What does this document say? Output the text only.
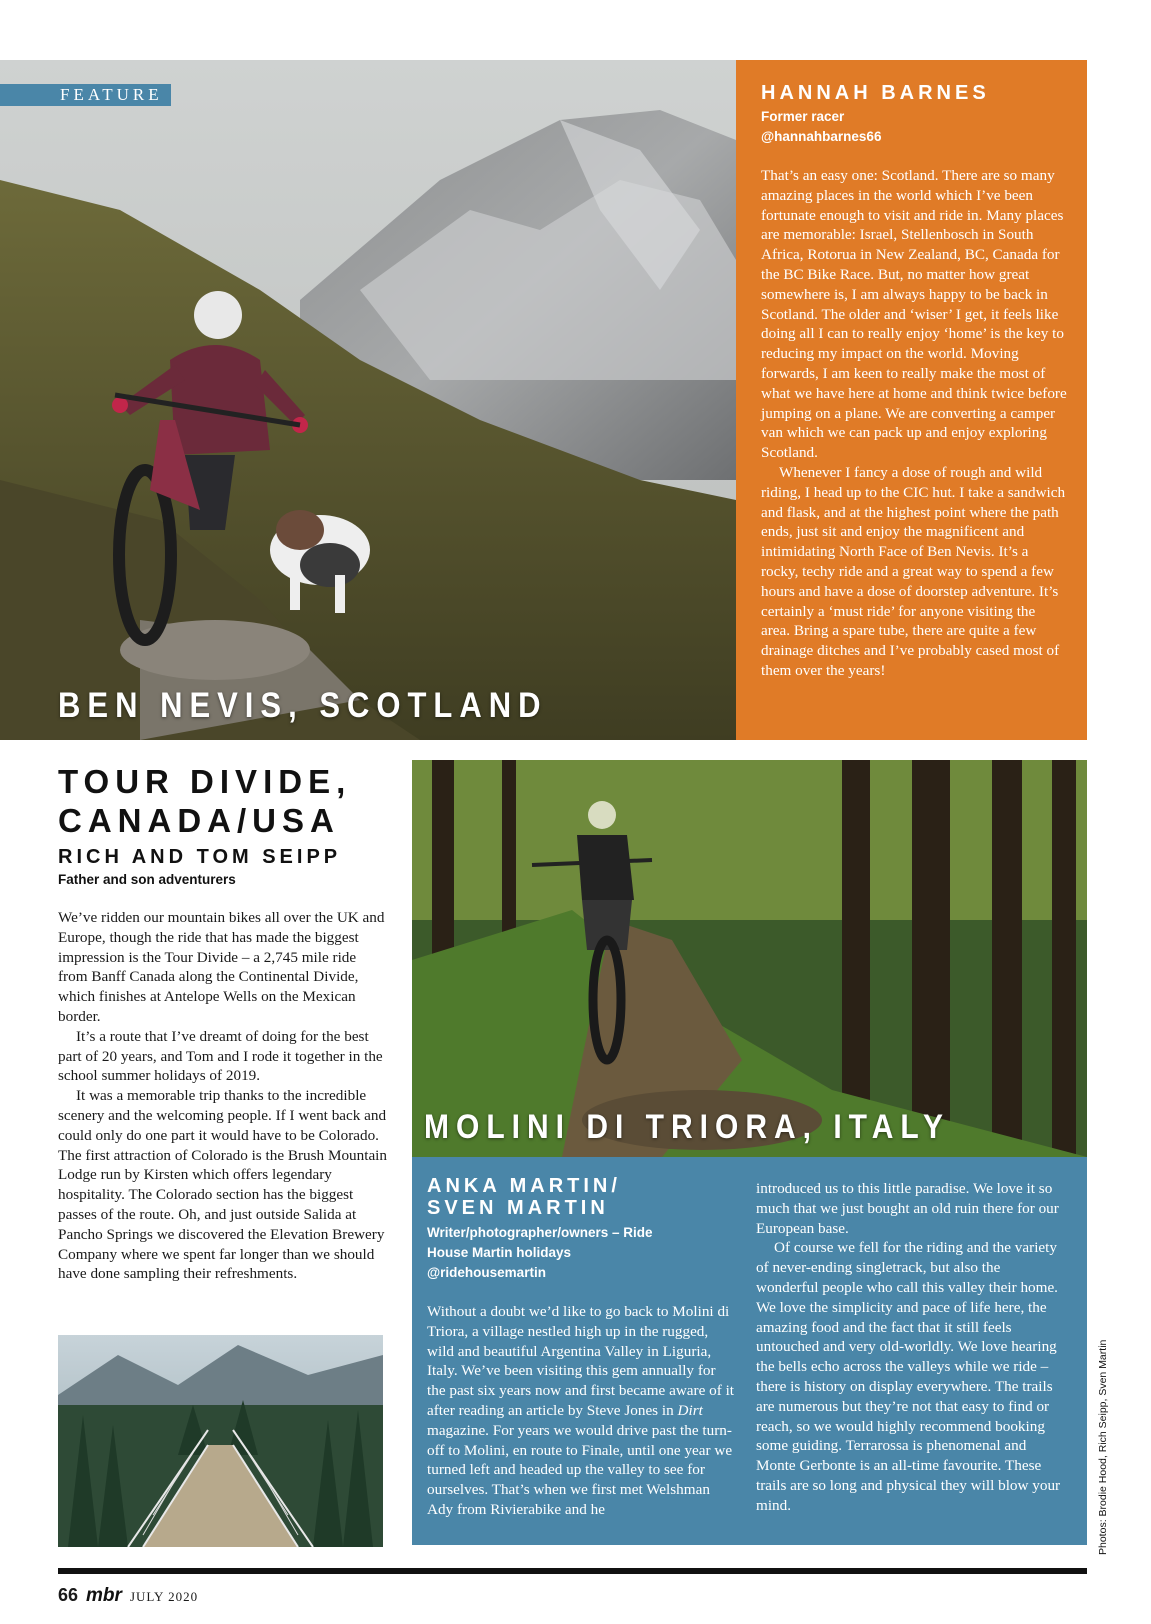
FEATURE
BEN NEVIS, SCOTLAND
HANNAH BARNES
Former racer
@hannahbarnes66

That’s an easy one: Scotland. There are so many amazing places in the world which I’ve been fortunate enough to visit and ride in. Many places are memorable: Israel, Stellenbosch in South Africa, Rotorua in New Zealand, BC, Canada for the BC Bike Race. But, no matter how great somewhere is, I am always happy to be back in Scotland. The older and ‘wiser’ I get, it feels like doing all I can to really enjoy ‘home’ is the key to reducing my impact on the world. Moving forwards, I am keen to really make the most of what we have here at home and think twice before jumping on a plane. We are converting a camper van which we can pack up and enjoy exploring Scotland.

Whenever I fancy a dose of rough and wild riding, I head up to the CIC hut. I take a sandwich and flask, and at the highest point where the path ends, just sit and enjoy the magnificent and intimidating North Face of Ben Nevis. It’s a rocky, techy ride and a great way to spend a few hours and have a dose of doorstep adventure. It’s certainly a ‘must ride’ for anyone visiting the area. Bring a spare tube, there are quite a few drainage ditches and I’ve probably cased most of them over the years!

TOUR DIVIDE,
CANADA/USA
RICH AND TOM SEIPP
Father and son adventurers

We’ve ridden our mountain bikes all over the UK and Europe, though the ride that has made the biggest impression is the Tour Divide – a 2,745 mile ride from Banff Canada along the Continental Divide, which finishes at Antelope Wells on the Mexican border.

It’s a route that I’ve dreamt of doing for the best part of 20 years, and Tom and I rode it together in the school summer holidays of 2019.

It was a memorable trip thanks to the incredible scenery and the welcoming people. If I went back and could only do one part it would have to be Colorado. The first attraction of Colorado is the Brush Mountain Lodge run by Kirsten which offers legendary hospitality. The Colorado section has the biggest passes of the route. Oh, and just outside Salida at Pancho Springs we discovered the Elevation Brewery Company where we spent far longer than we should have done sampling their refreshments.

MOLINI DI TRIORA, ITALY
ANKA MARTIN/
SVEN MARTIN
Writer/photographer/owners – Ride
House Martin holidays
@ridehousemartin

Without a doubt we’d like to go back to Molini di Triora, a village nestled high up in the rugged, wild and beautiful Argentina Valley in Liguria, Italy. We’ve been visiting this gem annually for the past six years now and first became aware of it after reading an article by Steve Jones in Dirt magazine. For years we would drive past the turn-off to Molini, en route to Finale, until one year we turned left and headed up the valley to see for ourselves. That’s when we first met Welshman Ady from Rivierabike and he

introduced us to this little paradise. We love it so much that we just bought an old ruin there for our European base.

Of course we fell for the riding and the variety of never-ending singletrack, but also the wonderful people who call this valley their home. We love the simplicity and pace of life here, the amazing food and the fact that it still feels untouched and very old-worldly. We love hearing the bells echo across the valleys while we ride – there is history on display everywhere. The trails are numerous but they’re not that easy to find or reach, so we would highly recommend booking some guiding. Terrarossa is phenomenal and Monte Gerbonte is an all-time favourite. These trails are so long and physical they will blow your mind.	Photos: Brodie Hood, Rich Seipp, Sven Martin
66 mbr JULY 2020
